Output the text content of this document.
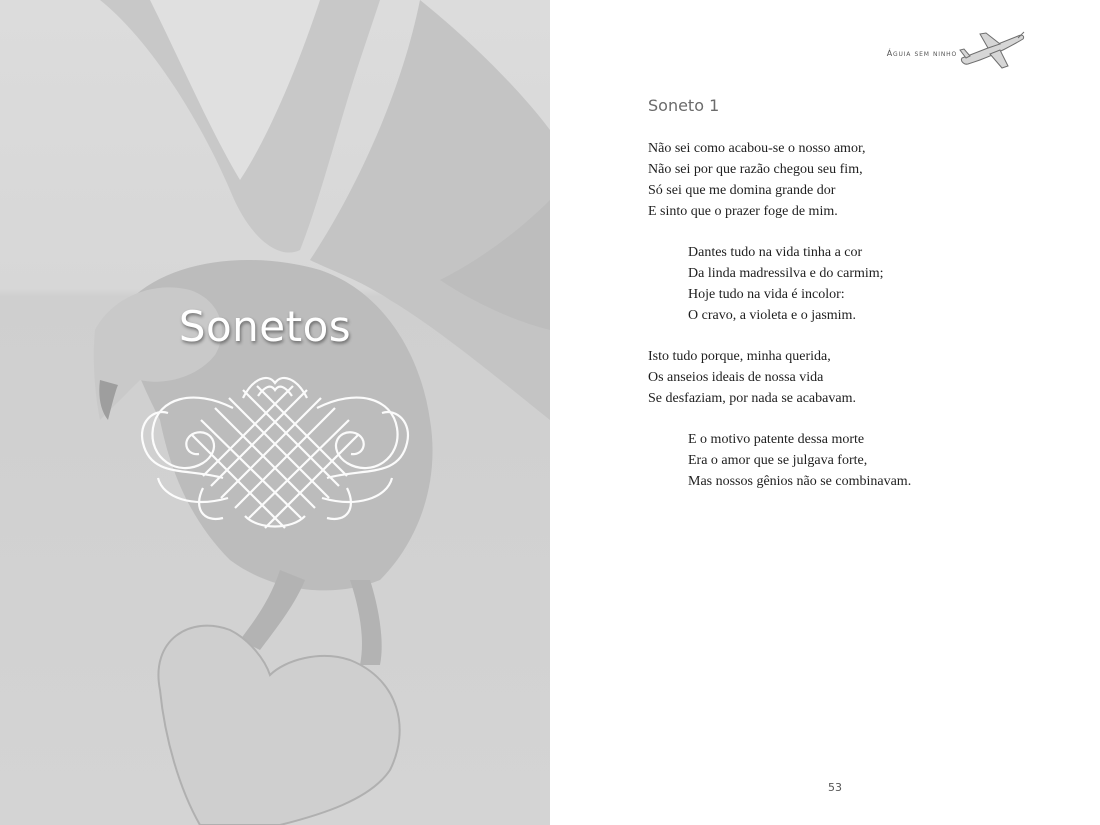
Sonetos
Águia sem ninho
Soneto 1
Não sei como acabou-se o nosso amor,
Não sei por que razão chegou seu fim,
Só sei que me domina grande dor
E sinto que o prazer foge de mim.
Dantes tudo na vida tinha a cor
Da linda madressilva e do carmim;
Hoje tudo na vida é incolor:
O cravo, a violeta e o jasmim.
Isto tudo porque, minha querida,
Os anseios ideais de nossa vida
Se desfaziam, por nada se acabavam.
E o motivo patente dessa morte
Era o amor que se julgava forte,
Mas nossos gênios não se combinavam.
53
